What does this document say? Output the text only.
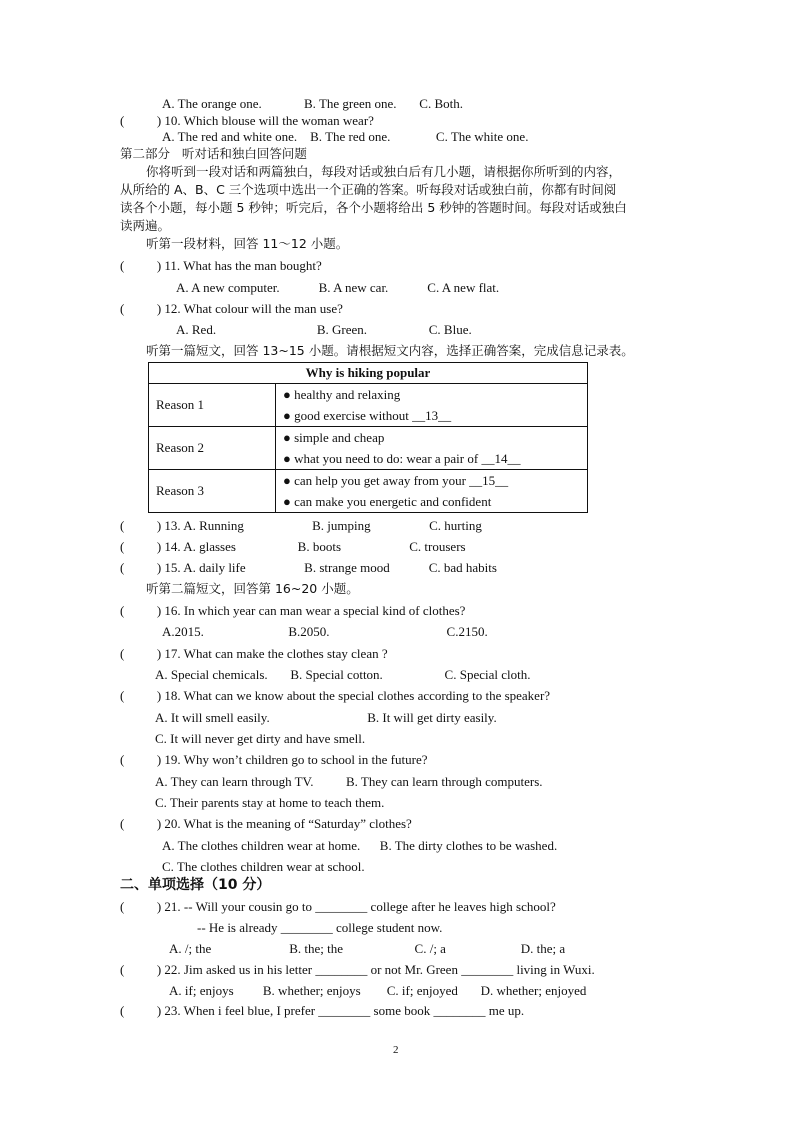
A. The orange one.             B. The green one.       C. Both.
(          ) 10. Which blouse will the woman wear?
A. The red and white one.    B. The red one.              C. The white one.
第二部分   听对话和独白回答问题
你将听到一段对话和两篇独白，每段对话或独白后有几小题，请根据你所听到的内容，
从所给的 A、B、C 三个选项中选出一个正确的答案。听每段对话或独白前，你都有时间阅
读各个小题，每小题 5 秒钟；听完后，各个小题将给出 5 秒钟的答题时间。每段对话或独白
读两遍。
听第一段材料，回答 11～12 小题。
(          ) 11. What has the man bought?
A. A new computer.            B. A new car.            C. A new flat.
(          ) 12. What colour will the man use?
A. Red.                               B. Green.                   C. Blue.
听第一篇短文，回答 13~15 小题。请根据短文内容，选择正确答案，完成信息记录表。
(          ) 13. A. Running                     B. jumping                  C. hurting
(          ) 14. A. glasses                   B. boots                     C. trousers
(          ) 15. A. daily life                  B. strange mood            C. bad habits
听第二篇短文，回答第 16~20 小题。
(          ) 16. In which year can man wear a special kind of clothes?
A.2015.                          B.2050.                                    C.2150.
(          ) 17. What can make the clothes stay clean ?
A. Special chemicals.       B. Special cotton.                   C. Special cloth.
(          ) 18. What can we know about the special clothes according to the speaker?
A. It will smell easily.                              B. It will get dirty easily.
C. It will never get dirty and have smell.
(          ) 19. Why won’t children go to school in the future?
A. They can learn through TV.          B. They can learn through computers.
C. Their parents stay at home to teach them.
(          ) 20. What is the meaning of “Saturday” clothes?
A. The clothes children wear at home.      B. The dirty clothes to be washed.
C. The clothes children wear at school.
二、单项选择（10 分）
(          ) 21. -- Will your cousin go to ________ college after he leaves high school?
-- He is already ________ college student now.
A. /; the                        B. the; the                      C. /; a                       D. the; a
(          ) 22. Jim asked us in his letter ________ or not Mr. Green ________ living in Wuxi.
A. if; enjoys         B. whether; enjoys        C. if; enjoyed       D. whether; enjoyed
(          ) 23. When i feel blue, I prefer ________ some book ________ me up.
Why is hiking popular	
Reason 1	● healthy and relaxing
● good exercise without __13__

Reason 2	● simple and cheap
● what you need to do: wear a pair of __14__

Reason 3	● can help you get away from your __15__
● can make you energetic and confident
2
